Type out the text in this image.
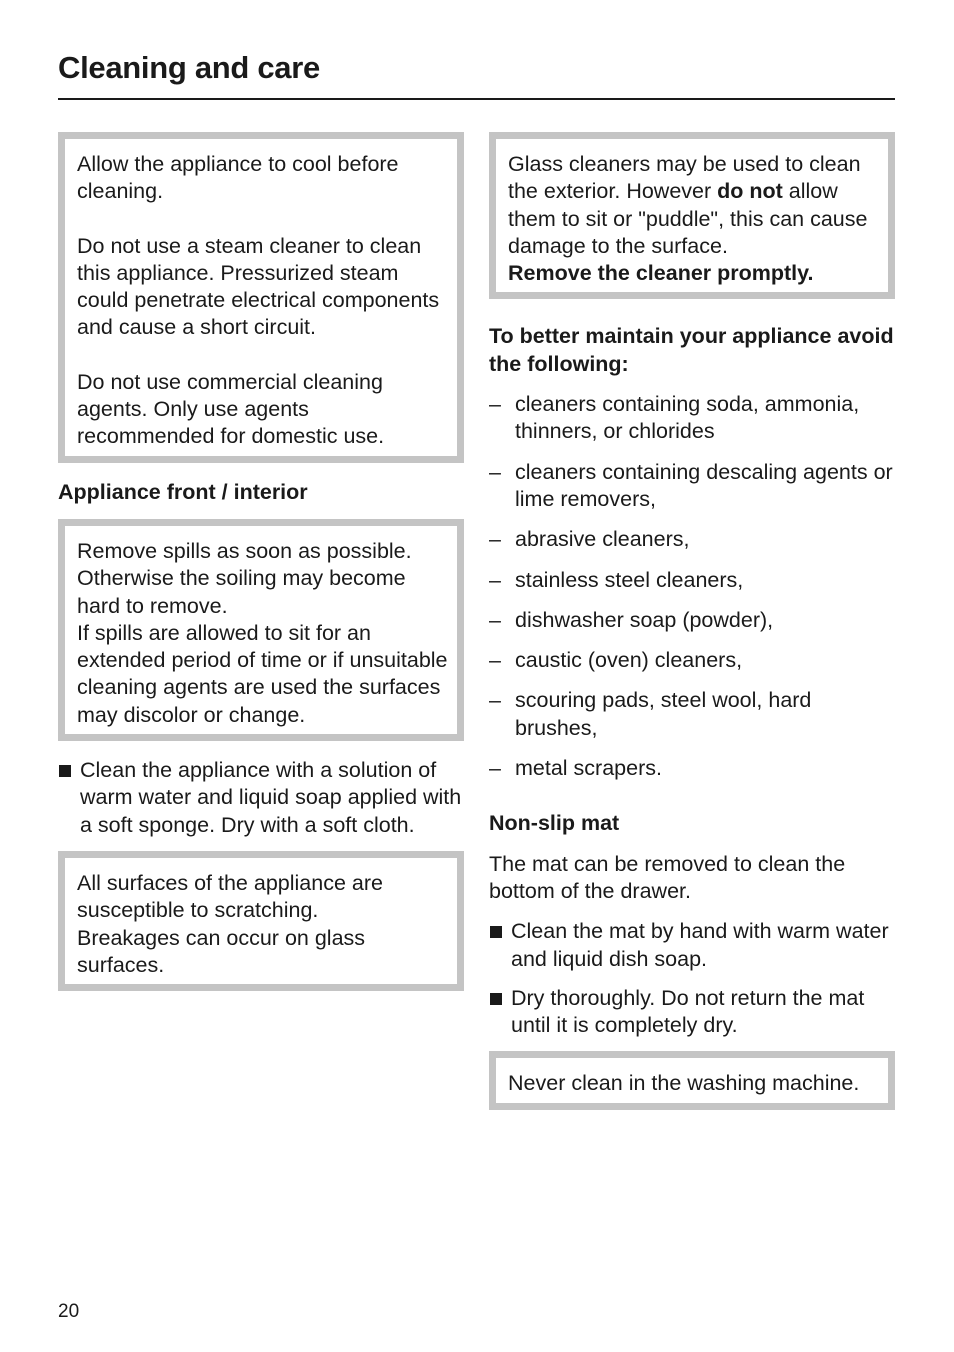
Cleaning and care

Allow the appliance to cool before cleaning.

Do not use a steam cleaner to clean this appliance. Pressurized steam could penetrate electrical components and cause a short circuit.

Do not use commercial cleaning agents. Only use agents recommended for domestic use.

Appliance front / interior
Remove spills as soon as possible. Otherwise the soiling may become hard to remove.
If spills are allowed to sit for an extended period of time or if unsuitable cleaning agents are used the surfaces may discolor or change.
Clean the appliance with a solution of warm water and liquid soap applied with a soft sponge. Dry with a soft cloth.
All surfaces of the appliance are susceptible to scratching.
Breakages can occur on glass surfaces.
Glass cleaners may be used to clean the exterior. However do not allow them to sit or "puddle", this can cause damage to the surface.
Remove the cleaner promptly.
To better maintain your appliance avoid the following:
– cleaners containing soda, ammonia, thinners, or chlorides
– cleaners containing descaling agents or lime removers,
– abrasive cleaners,
– stainless steel cleaners,
– dishwasher soap (powder),
– caustic (oven) cleaners,
– scouring pads, steel wool, hard brushes,
– metal scrapers.
Non-slip mat
The mat can be removed to clean the bottom of the drawer.
Clean the mat by hand with warm water and liquid dish soap.
Dry thoroughly. Do not return the mat until it is completely dry.
Never clean in the washing machine.
20
